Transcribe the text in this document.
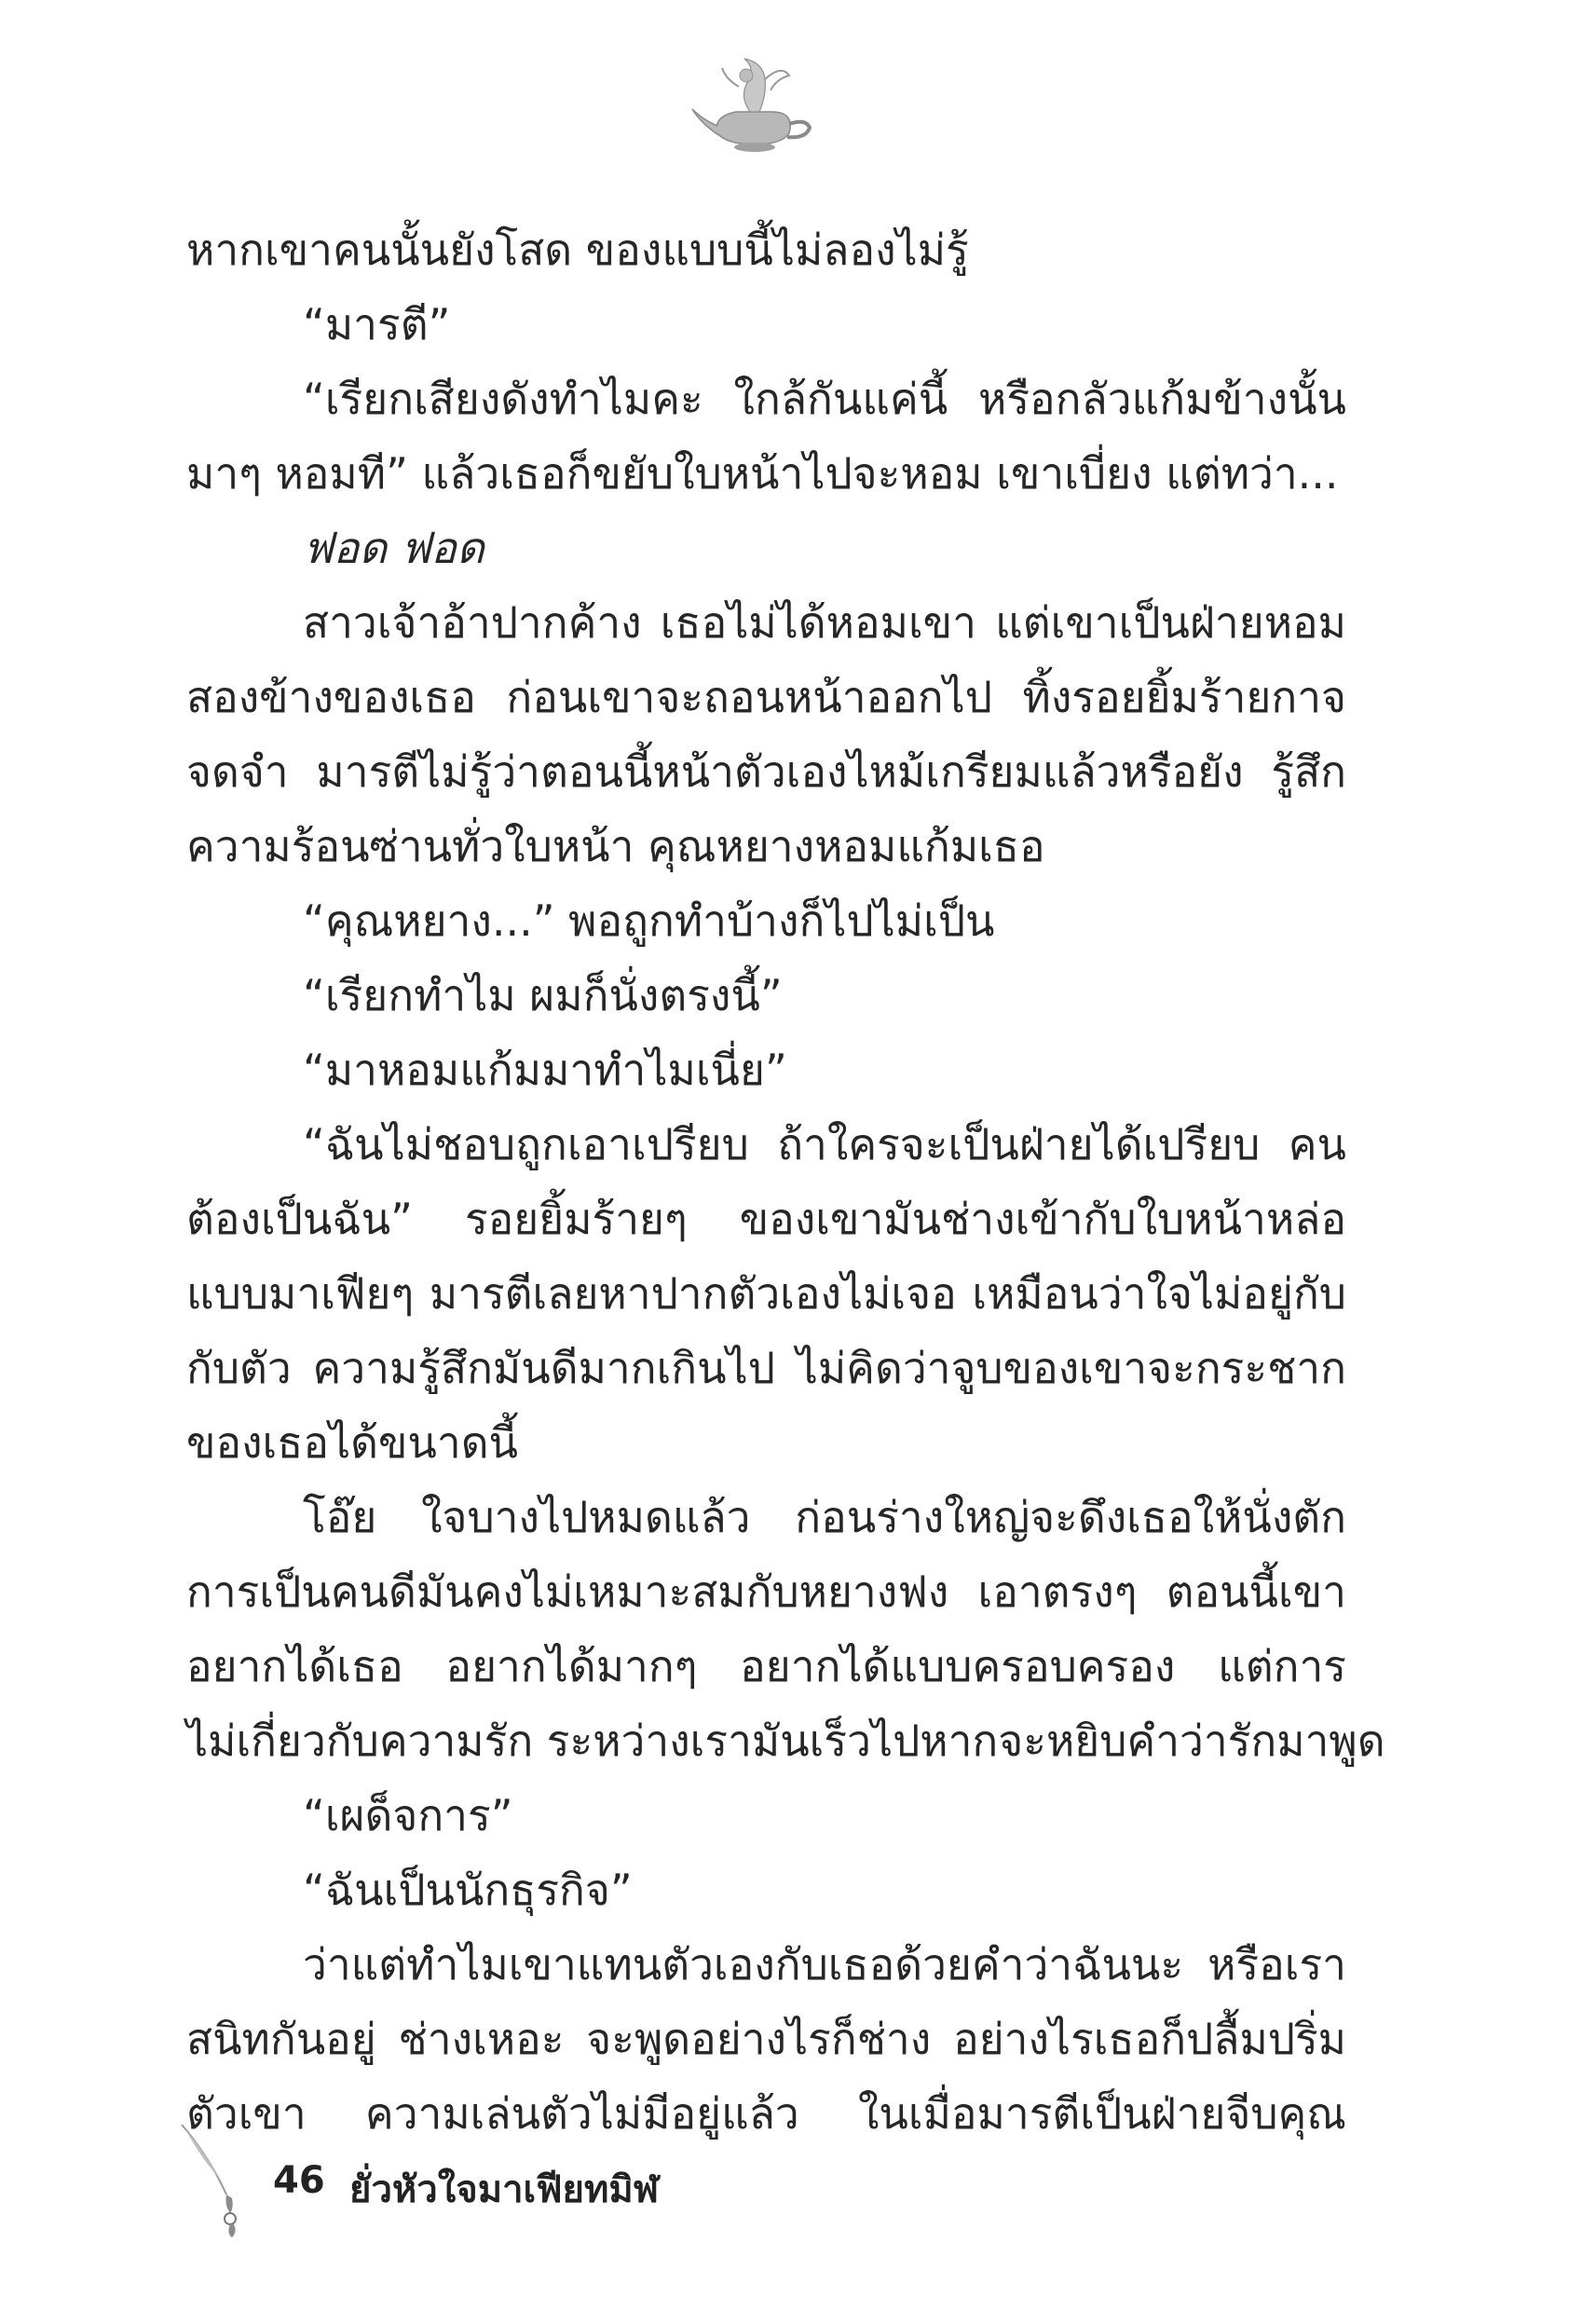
หากเขาคนนั้นยังโสด ของแบบนี้ไม่ลองไม่รู้
“มารตี”
“เรียกเสียงดังทำไมคะ ใกล้กันแค่นี้ หรือกลัวแก้มข้างนั้น
มาๆ หอมที” แล้วเธอก็ขยับใบหน้าไปจะหอม เขาเบี่ยง แต่ทว่า...
ฟอด ฟอด
สาวเจ้าอ้าปากค้าง เธอไม่ได้หอมเขา แต่เขาเป็นฝ่ายหอม
สองข้างของเธอ ก่อนเขาจะถอนหน้าออกไป ทิ้งรอยยิ้มร้ายกาจ
จดจำ มารตีไม่รู้ว่าตอนนี้หน้าตัวเองไหม้เกรียมแล้วหรือยัง รู้สึก
ความร้อนซ่านทั่วใบหน้า คุณหยางหอมแก้มเธอ
“คุณหยาง...” พอถูกทำบ้างก็ไปไม่เป็น
“เรียกทำไม ผมก็นั่งตรงนี้”
“มาหอมแก้มมาทำไมเนี่ย”
“ฉันไม่ชอบถูกเอาเปรียบ ถ้าใครจะเป็นฝ่ายได้เปรียบ คน
ต้องเป็นฉัน” รอยยิ้มร้ายๆ ของเขามันช่างเข้ากับใบหน้าหล่อ
แบบมาเฟียๆ มารตีเลยหาปากตัวเองไม่เจอ เหมือนว่าใจไม่อยู่กับ
กับตัว ความรู้สึกมันดีมากเกินไป ไม่คิดว่าจูบของเขาจะกระชาก
ของเธอได้ขนาดนี้
โอ๊ย ใจบางไปหมดแล้ว ก่อนร่างใหญ่จะดึงเธอให้นั่งตัก
การเป็นคนดีมันคงไม่เหมาะสมกับหยางฟง เอาตรงๆ ตอนนี้เขา
อยากได้เธอ อยากได้มากๆ อยากได้แบบครอบครอง แต่การ
ไม่เกี่ยวกับความรัก ระหว่างเรามันเร็วไปหากจะหยิบคำว่ารักมาพูด
“เผด็จการ”
“ฉันเป็นนักธุรกิจ”
ว่าแต่ทำไมเขาแทนตัวเองกับเธอด้วยคำว่าฉันนะ หรือเรา
สนิทกันอยู่ ช่างเหอะ จะพูดอย่างไรก็ช่าง อย่างไรเธอก็ปลื้มปริ่ม
ตัวเขา ความเล่นตัวไม่มีอยู่แล้ว ในเมื่อมารตีเป็นฝ่ายจีบคุณ
46 ยั่วหัวใจมาเฟียทมิฬ
